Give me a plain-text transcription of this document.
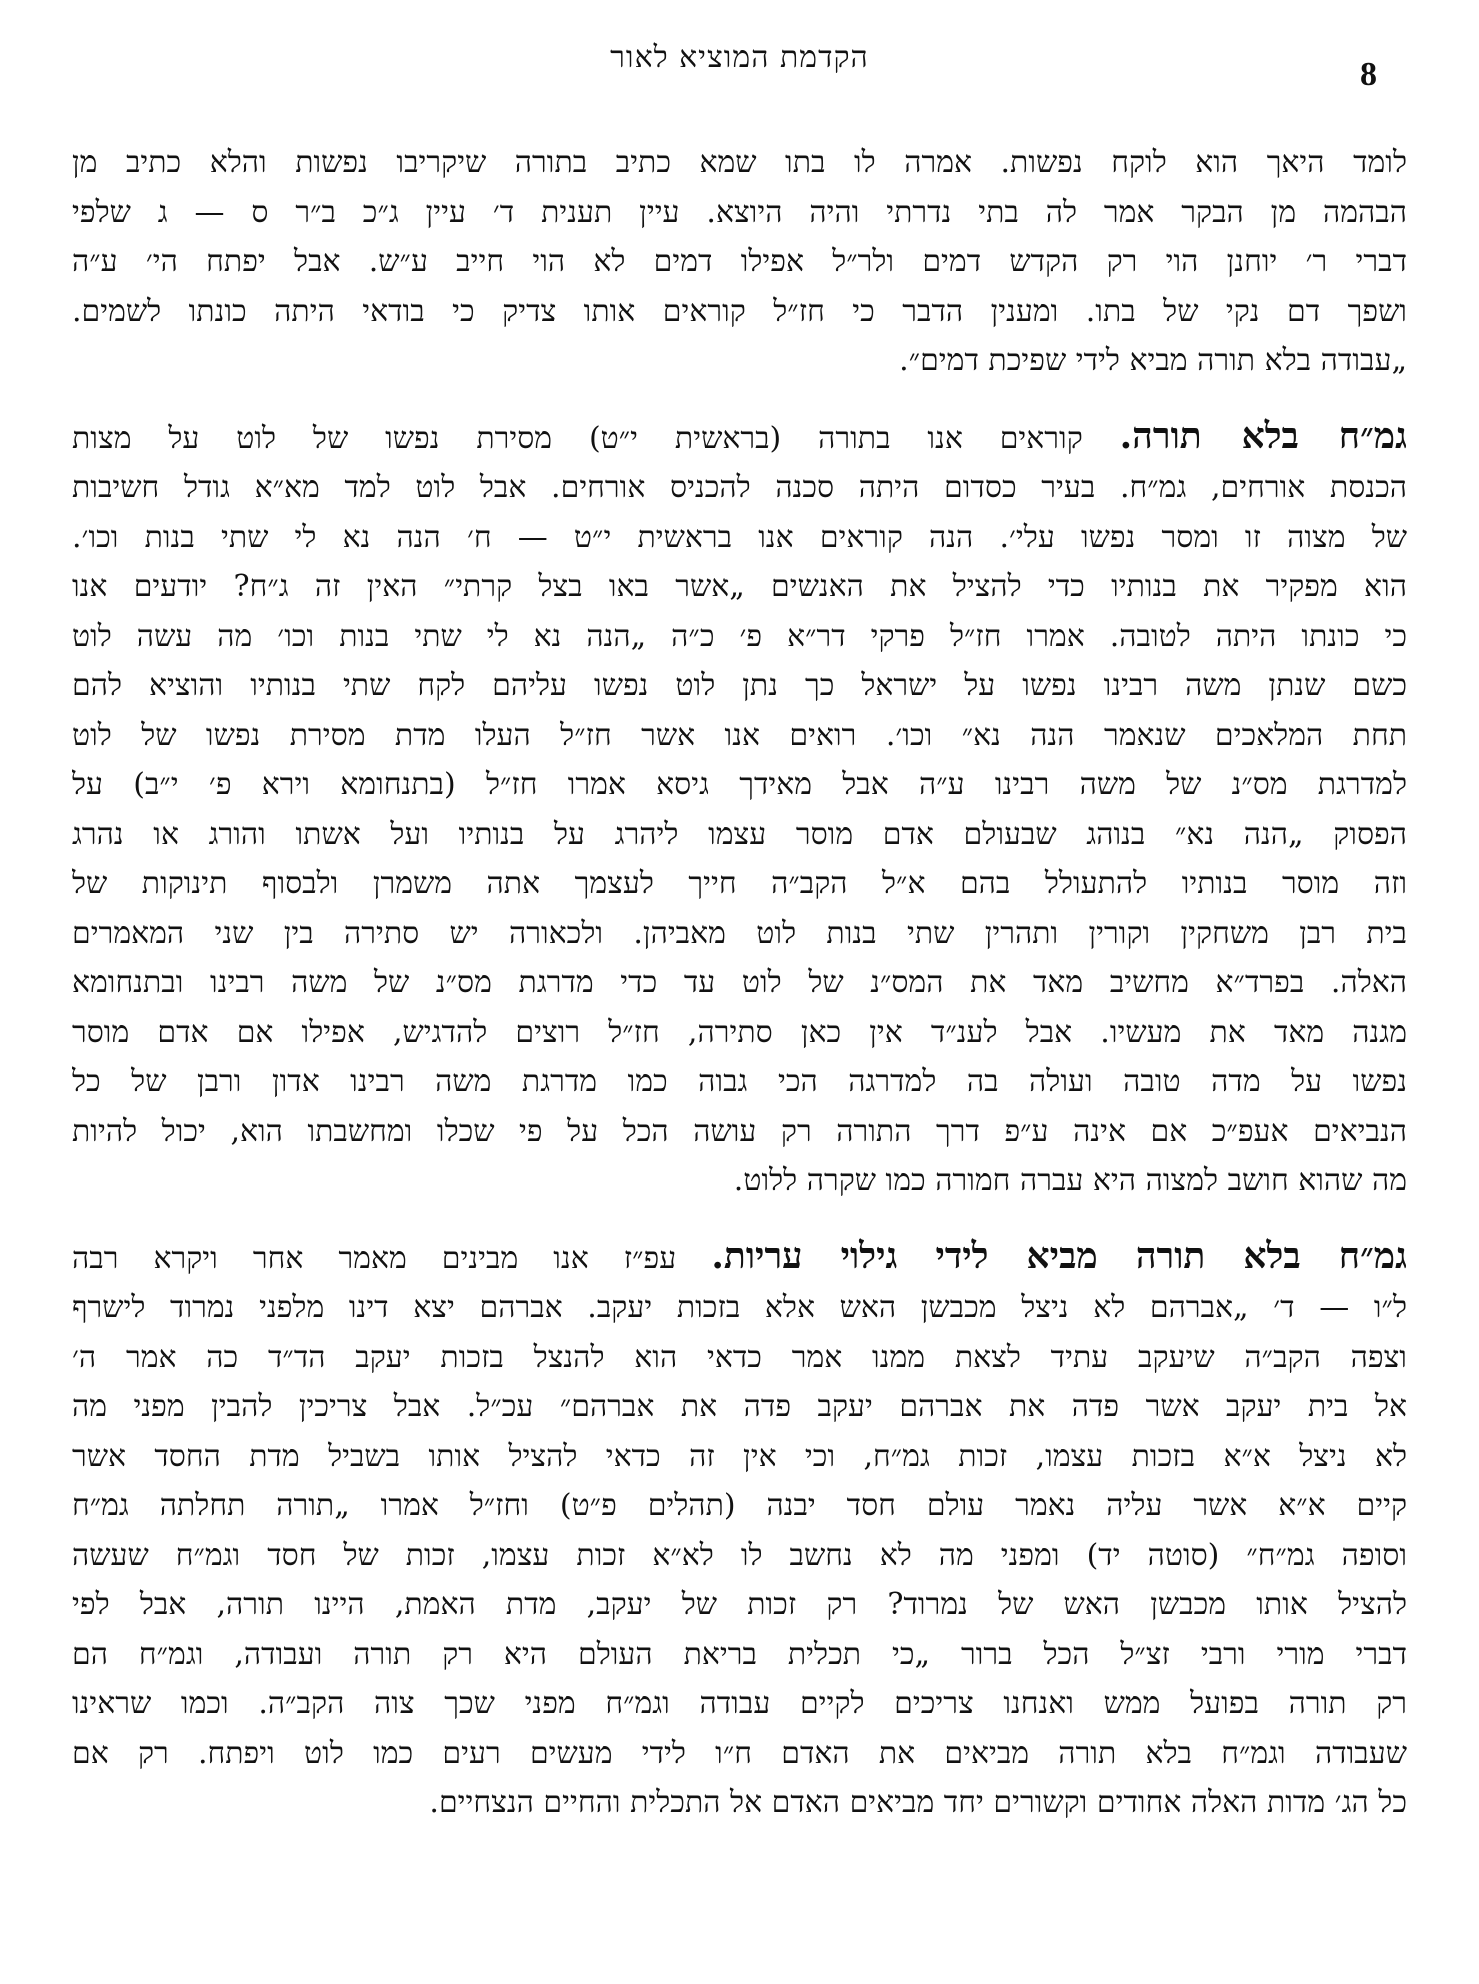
הקדמת המוציא לאור	8
לומד היאך הוא לוקח נפשות. אמרה לו בתו שמא כתיב בתורה שיקריבו נפשות והלא כתיב מן
הבהמה מן הבקר אמר לה בתי נדרתי והיה היוצא. עיין תענית ד׳ עיין ג״כ ב״ר ס — ג שלפי
דברי ר׳ יוחנן הוי רק הקדש דמים ולר״ל אפילו דמים לא הוי חייב ע״ש. אבל יפתח הי׳ ע״ה
ושפך דם נקי של בתו. ומענין הדבר כי חז״ל קוראים אותו צדיק כי בודאי היתה כונתו לשמים.
„עבודה בלא תורה מביא לידי שפיכת דמים״.
גמ״ח בלא תורה. קוראים אנו בתורה (בראשית י״ט) מסירת נפשו של לוט על מצות
הכנסת אורחים, גמ״ח. בעיר כסדום היתה סכנה להכניס אורחים. אבל לוט למד מא״א גודל חשיבות
של מצוה זו ומסר נפשו עלי׳. הנה קוראים אנו בראשית י״ט — ח׳ הנה נא לי שתי בנות וכו׳.
הוא מפקיר את בנותיו כדי להציל את האנשים „אשר באו בצל קרתי״ האין זה ג״ח? יודעים אנו
כי כונתו היתה לטובה. אמרו חז״ל פרקי דר״א פ׳ כ״ה „הנה נא לי שתי בנות וכו׳ מה עשה לוט
כשם שנתן משה רבינו נפשו על ישראל כך נתן לוט נפשו עליהם לקח שתי בנותיו והוציא להם
תחת המלאכים שנאמר הנה נא״ וכו׳. רואים אנו אשר חז״ל העלו מדת מסירת נפשו של לוט
למדרגת מס״נ של משה רבינו ע״ה אבל מאידך גיסא אמרו חז״ל (בתנחומא וירא פ׳ י״ב) על
הפסוק „הנה נא״ בנוהג שבעולם אדם מוסר עצמו ליהרג על בנותיו ועל אשתו והורג או נהרג
וזה מוסר בנותיו להתעולל בהם א״ל הקב״ה חייך לעצמך אתה משמרן ולבסוף תינוקות של
בית רבן משחקין וקורין ותהרין שתי בנות לוט מאביהן. ולכאורה יש סתירה בין שני המאמרים
האלה. בפרד״א מחשיב מאד את המס״נ של לוט עד כדי מדרגת מס״נ של משה רבינו ובתנחומא
מגנה מאד את מעשיו. אבל לענ״ד אין כאן סתירה, חז״ל רוצים להדגיש, אפילו אם אדם מוסר
נפשו על מדה טובה ועולה בה למדרגה הכי גבוה כמו מדרגת משה רבינו אדון ורבן של כל
הנביאים אעפ״כ אם אינה ע״פ דרך התורה רק עושה הכל על פי שכלו ומחשבתו הוא, יכול להיות
מה שהוא חושב למצוה היא עברה חמורה כמו שקרה ללוט.
גמ״ח בלא תורה מביא לידי גילוי עריות. עפ״ז אנו מבינים מאמר אחר ויקרא רבה
ל״ו — ד׳ „אברהם לא ניצל מכבשן האש אלא בזכות יעקב. אברהם יצא דינו מלפני נמרוד לישרף
וצפה הקב״ה שיעקב עתיד לצאת ממנו אמר כדאי הוא להנצל בזכות יעקב הד״ד כה אמר ה׳
אל בית יעקב אשר פדה את אברהם יעקב פדה את אברהם״ עכ״ל. אבל צריכין להבין מפני מה
לא ניצל א״א בזכות עצמו, זכות גמ״ח, וכי אין זה כדאי להציל אותו בשביל מדת החסד אשר
קיים א״א אשר עליה נאמר עולם חסד יבנה (תהלים פ״ט) וחז״ל אמרו „תורה תחלתה גמ״ח
וסופה גמ״ח״ (סוטה יד) ומפני מה לא נחשב לו לא״א זכות עצמו, זכות של חסד וגמ״ח שעשה
להציל אותו מכבשן האש של נמרוד? רק זכות של יעקב, מדת האמת, היינו תורה, אבל לפי
דברי מורי ורבי זצ״ל הכל ברור „כי תכלית בריאת העולם היא רק תורה ועבודה, וגמ״ח הם
רק תורה בפועל ממש ואנחנו צריכים לקיים עבודה וגמ״ח מפני שכך צוה הקב״ה. וכמו שראינו
שעבודה וגמ״ח בלא תורה מביאים את האדם ח״ו לידי מעשים רעים כמו לוט ויפתח. רק אם
כל הג׳ מדות האלה אחודים וקשורים יחד מביאים האדם אל התכלית והחיים הנצחיים.
